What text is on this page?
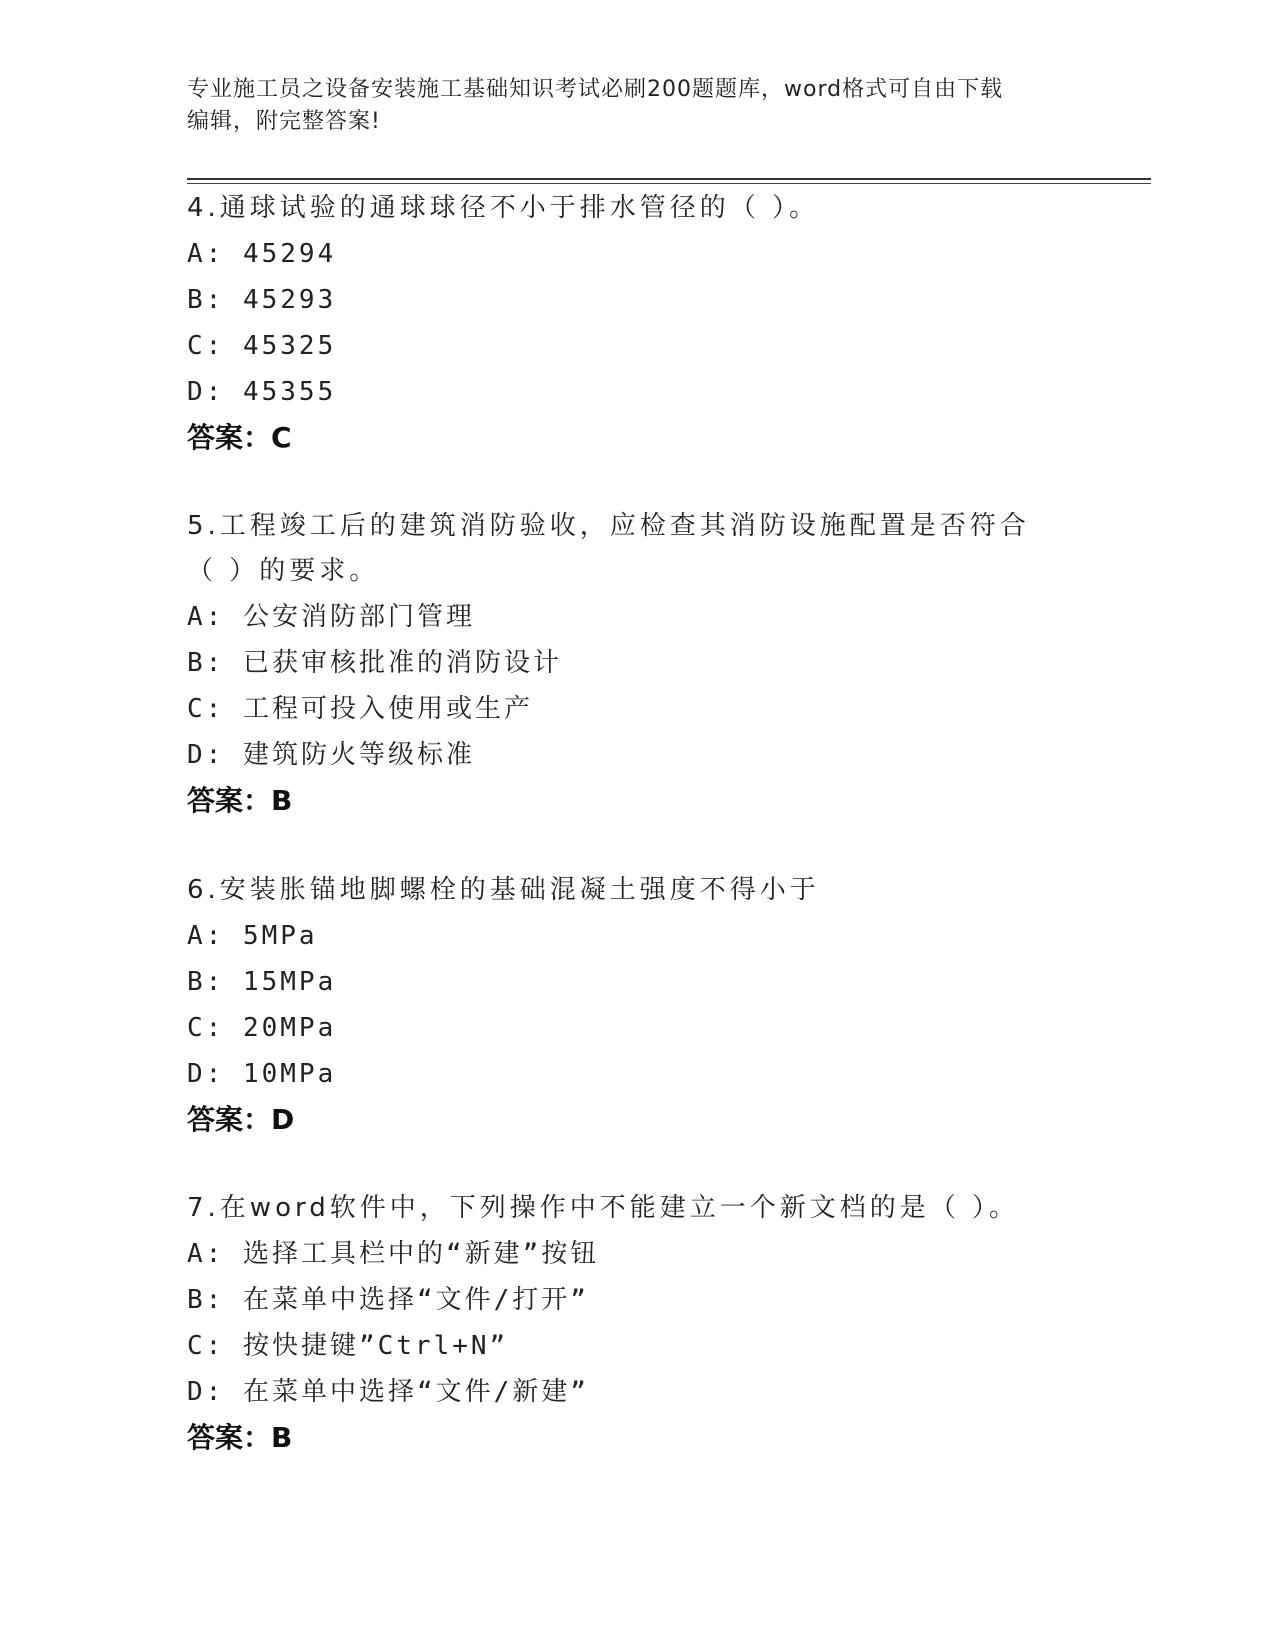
专业施工员之设备安装施工基础知识考试必刷200题题库，word格式可自由下载
编辑，附完整答案!

4.通球试验的通球球径不小于排水管径的（ ）。

A: 45294

B: 45293

C: 45325

D: 45355

答案：C

5.工程竣工后的建筑消防验收，应检查其消防设施配置是否符合（ ）的要求。

A: 公安消防部门管理

B: 已获审核批准的消防设计

C: 工程可投入使用或生产

D: 建筑防火等级标准

答案：B

6.安装胀锚地脚螺栓的基础混凝土强度不得小于

A: 5MPa

B: 15MPa

C: 20MPa

D: 10MPa

答案：D

7.在word软件中，下列操作中不能建立一个新文档的是（ ）。

A: 选择工具栏中的“新建”按钮

B: 在菜单中选择“文件/打开”

C: 按快捷键”Ctrl+N”

D: 在菜单中选择“文件/新建”

答案：B
